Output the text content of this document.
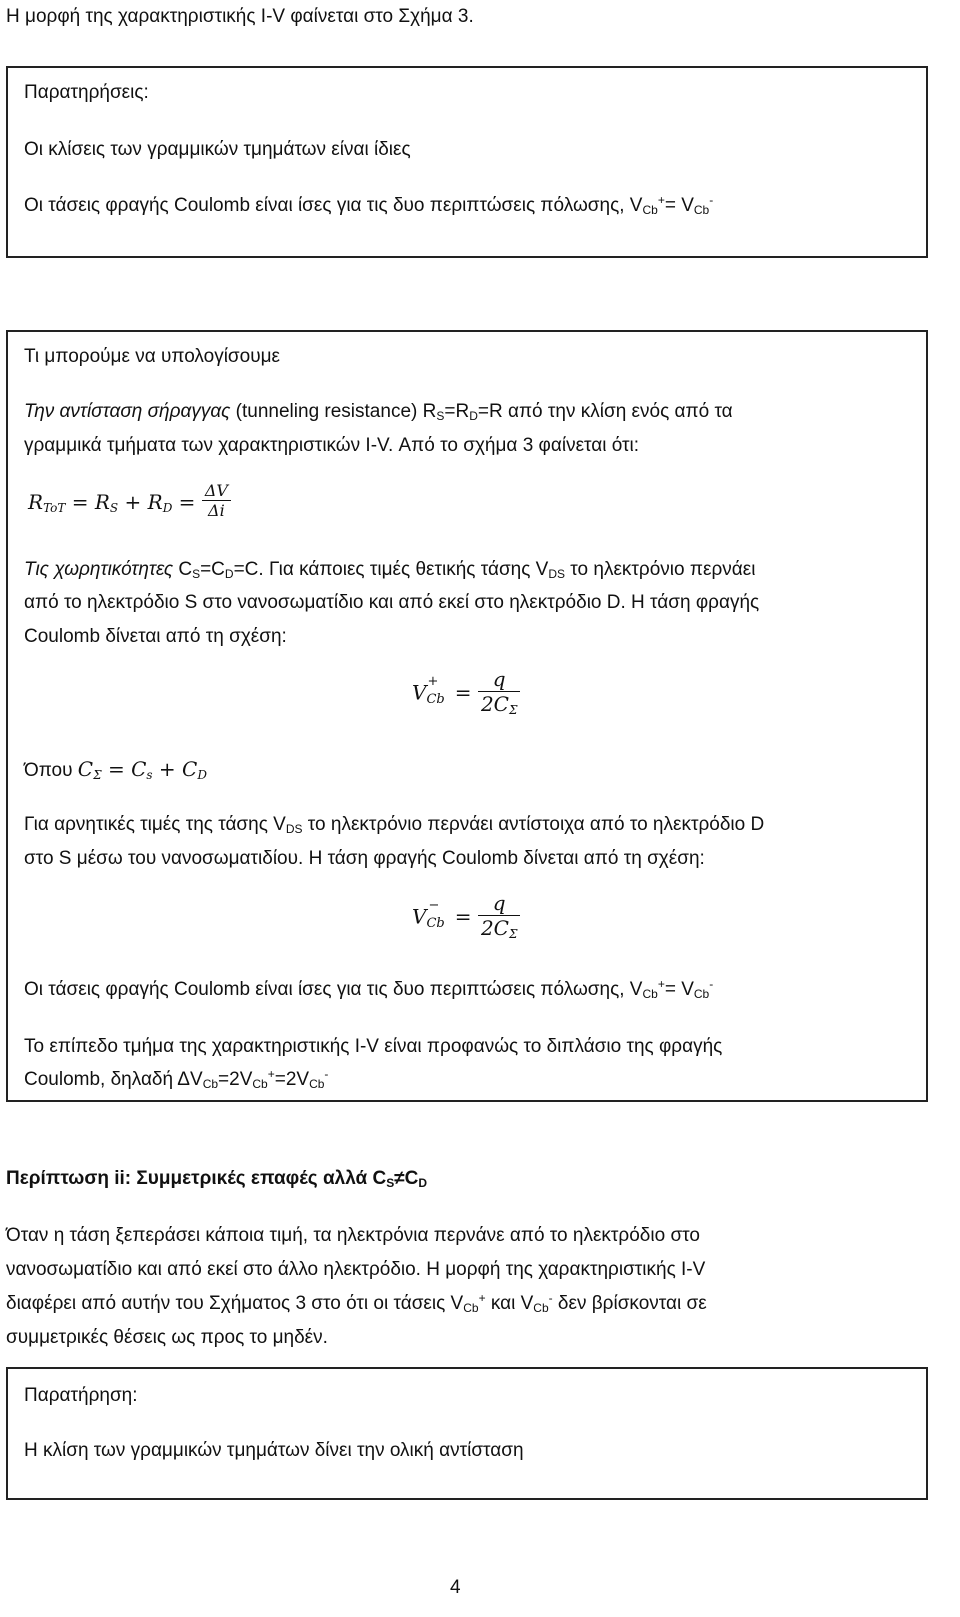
Η μορφή της χαρακτηριστικής I-V φαίνεται στο Σχήμα 3.
Παρατηρήσεις:
Οι κλίσεις των γραμμικών τμημάτων είναι ίδιες
Οι τάσεις φραγής Coulomb είναι ίσες για τις δυο περιπτώσεις πόλωσης, $V_{Cb}^+= V_{Cb}^-$
Τι μπορούμε να υπολογίσουμε
Την αντίσταση σήραγγας (tunneling resistance) $R_S=R_D=R$ από την κλίση ενός από τα
γραμμικά τμήματα των χαρακτηριστικών I-V. Από το σχήμα 3 φαίνεται ότι:
$R_{ToT} = R_S + R_D = \frac{\Delta V}{\Delta i}$
Τις χωρητικότητες $C_S=C_D=C$. Για κάποιες τιμές θετικής τάσης $V_{DS}$ το ηλεκτρόνιο περνάει
από το ηλεκτρόδιο S στο νανοσωματίδιο και από εκεί στο ηλεκτρόδιο D. Η τάση φραγής
Coulomb δίνεται από τη σχέση:
V +
$Cb = \frac{q}{2C_\Sigma}$
Όπου $C_\Sigma = C_s + C_D$
Για αρνητικές τιμές της τάσης $V_{DS}$ το ηλεκτρόνιο περνάει αντίστοιχα από το ηλεκτρόδιο D
στο S μέσω του νανοσωματιδίου. Η τάση φραγής Coulomb δίνεται από τη σχέση:
V −
$Cb = \frac{q}{2C_\Sigma}$
Οι τάσεις φραγής Coulomb είναι ίσες για τις δυο περιπτώσεις πόλωσης, $V_{Cb}^+= V_{Cb}^-$
Το επίπεδο τμήμα της χαρακτηριστικής I-V είναι προφανώς το διπλάσιο της φραγής
Coulomb, δηλαδή $\Delta V_{Cb}=2V_{Cb}^+=2V_{Cb}^-$
Περίπτωση ii: Συμμετρικές επαφές αλλά $C_S\ne C_D$
Όταν η τάση ξεπεράσει κάποια τιμή, τα ηλεκτρόνια περνάνε από το ηλεκτρόδιο στο
νανοσωματίδιο και από εκεί στο άλλο ηλεκτρόδιο. Η μορφή της χαρακτηριστικής I-V
διαφέρει από αυτήν του Σχήματος 3 στο ότι οι τάσεις $V_{Cb}^+$ και $V_{Cb}^-$ δεν βρίσκονται σε
συμμετρικές θέσεις ως προς το μηδέν.
Παρατήρηση:
Η κλίση των γραμμικών τμημάτων δίνει την ολική αντίσταση
4
